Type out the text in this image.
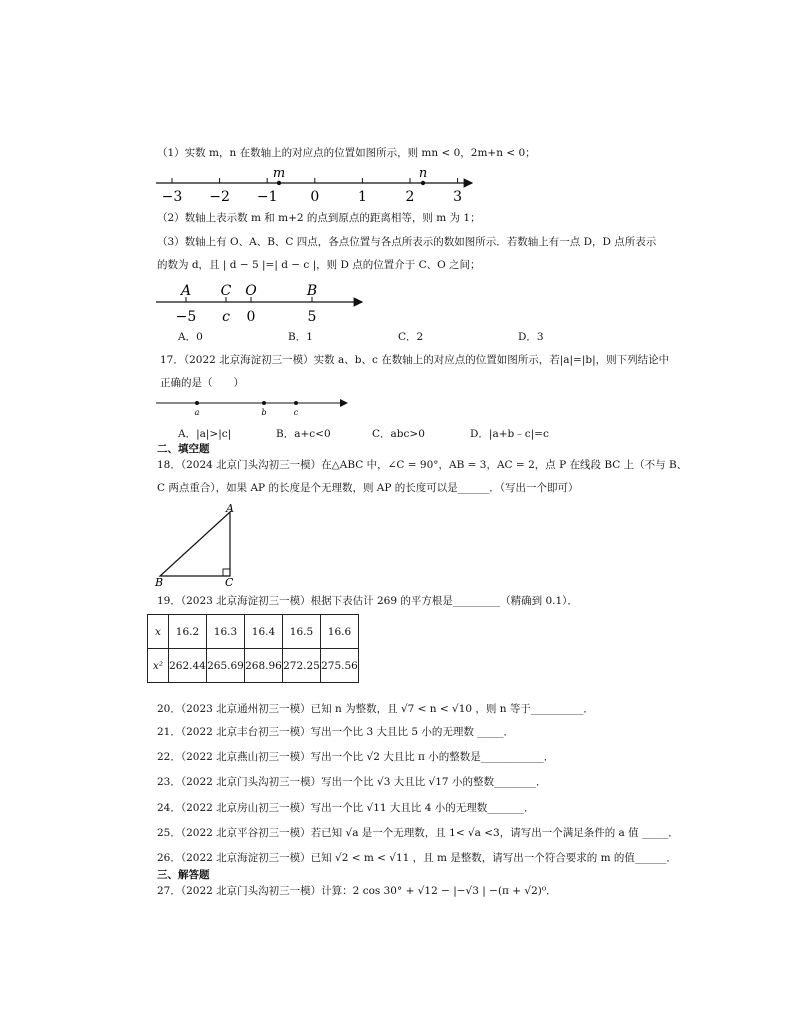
（1）实数 m，n 在数轴上的对应点的位置如图所示，则 mn < 0，2m+n < 0；
−3 −2 −1 0	1	2	3
m	n
（2）数轴上表示数 m 和 m+2 的点到原点的距离相等，则 m 为 1；
（3）数轴上有 O、A、B、C 四点，各点位置与各点所表示的数如图所示．若数轴上有一点 D，D 点所表示
的数为 d，且 | d − 5 |=| d − c |，则 D 点的位置介于 C、O 之间；
A
−5
C
c
O
0
B
5
A．0	B．1	C．2	D．3
17．（2022 北京海淀初三一模）实数 a、b、c 在数轴上的对应点的位置如图所示，若|a|=|b|，则下列结论中
正确的是（　　）
a	b	c
A．|a|>|c|	B．a+c<0	C．abc>0	D．|a+b﹣c|=c
二、填空题
18．（2024 北京门头沟初三一模）在△ABC 中，∠C = 90°，AB = 3，AC = 2，点 P 在线段 BC 上（不与 B、
C 两点重合），如果 AP 的长度是个无理数，则 AP 的长度可以是______．（写出一个即可）
A
B	C
19．（2023 北京海淀初三一模）根据下表估计 269 的平方根是_________（精确到 0.1）．
x	16.2	16.3	16.4	16.5	16.6
x²	262.44	265.69	268.96	272.25	275.56
20．（2023 北京通州初三一模）已知 n 为整数，且 √7 < n < √10 ，则 n 等于__________．
21．（2022 北京丰台初三一模）写出一个比 3 大且比 5 小的无理数 _____．
22．（2022 北京燕山初三一模）写出一个比 √2 大且比 π 小的整数是____________．
23．（2022 北京门头沟初三一模）写出一个比 √3 大且比 √17 小的整数________．
24．（2022 北京房山初三一模）写出一个比 √11 大且比 4 小的无理数_______．
25．（2022 北京平谷初三一模）若已知 √a 是一个无理数，且 1< √a <3，请写出一个满足条件的 a 值 _____．
26．（2022 北京海淀初三一模）已知 √2 < m < √11 ，且 m 是整数，请写出一个符合要求的 m 的值______．
三、解答题
27．（2022 北京门头沟初三一模）计算：2 cos 30° + √12 − |−√3 | −(π + √2)⁰．
